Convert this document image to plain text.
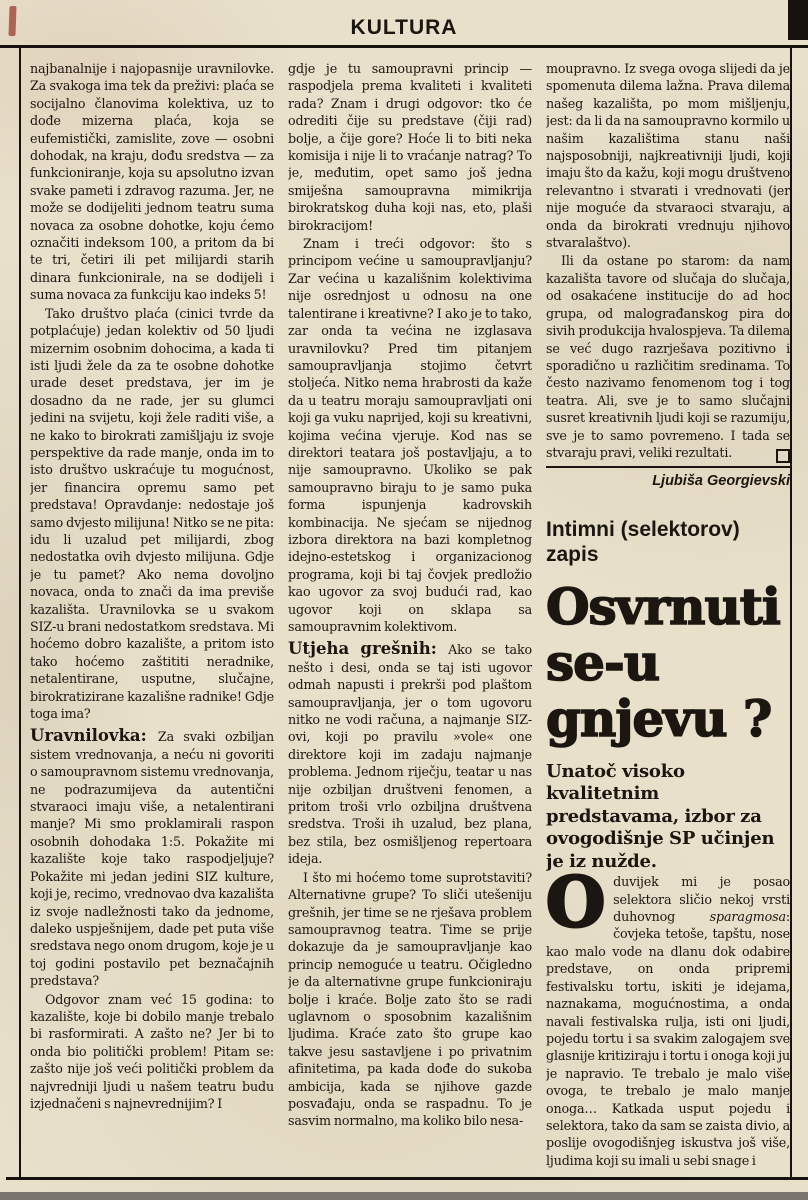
KULTURA

najbanalnije i najopasnije uravnilovke. Za svakoga ima tek da preživi: plaća se socijalno članovima kolektiva, uz to dođe mizerna plaća, koja se eufemistički, zamislite, zove — osobni dohodak, na kraju, dođu sredstva — za funkcioniranje, koja su apsolutno izvan svake pameti i zdravog razuma. Jer, ne može se dodijeliti jednom teatru suma novaca za osobne dohotke, koju ćemo označiti indeksom 100, a pritom da bi te tri, četiri ili pet milijardi starih dinara funkcionirale, na se dodijeli i suma novaca za funkciju kao indeks 5!

Tako društvo plaća (cinici tvrde da potplaćuje) jedan kolektiv od 50 ljudi mizernim osobnim dohocima, a kada ti isti ljudi žele da za te osobne dohotke urade deset predstava, jer im je dosadno da ne rade, jer su glumci jedini na svijetu, koji žele raditi više, a ne kako to birokrati zamišljaju iz svoje perspektive da rade manje, onda im to isto društvo uskraćuje tu mogućnost, jer financira opremu samo pet predstava! Opravdanje: nedostaje još samo dvjesto milijuna! Nitko se ne pita: idu li uzalud pet milijardi, zbog nedostatka ovih dvjesto milijuna. Gdje je tu pamet? Ako nema dovoljno novaca, onda to znači da ima previše kazališta. Uravnilovka se u svakom SIZ-u brani nedostatkom sredstava. Mi hoćemo dobro kazalište, a pritom isto tako hoćemo zaštititi neradnike, netalentirane, usputne, slučajne, birokratizirane kazališne radnike! Gdje toga ima?

Uravnilovka: Za svaki ozbiljan sistem vrednovanja, a neću ni govoriti o samoupravnom sistemu vrednovanja, ne podrazumijeva da autentični stvaraoci imaju više, a netalentirani manje? Mi smo proklamirali raspon osobnih dohodaka 1:5. Pokažite mi kazalište koje tako raspodjeljuje? Pokažite mi jedan jedini SIZ kulture, koji je, recimo, vrednovao dva kazališta iz svoje nadležnosti tako da jednome, daleko uspješnijem, dade pet puta više sredstava nego onom drugom, koje je u toj godini postavilo pet beznačajnih predstava?

Odgovor znam već 15 godina: to kazalište, koje bi dobilo manje trebalo bi rasformirati. A zašto ne? Jer bi to onda bio politički problem! Pitam se: zašto nije još veći politički problem da najvredniji ljudi u našem teatru budu izjednačeni s najnevrednijim? I

gdje je tu samoupravni princip — raspodjela prema kvaliteti i kvaliteti rada? Znam i drugi odgovor: tko će odrediti čije su predstave (čiji rad) bolje, a čije gore? Hoće li to biti neka komisija i nije li to vraćanje natrag? To je, međutim, opet samo još jedna smiješna samoupravna mimikrija birokratskog duha koji nas, eto, plaši birokracijom!

Znam i treći odgovor: što s principom većine u samoupravljanju? Zar većina u kazališnim kolektivima nije osrednjost u odnosu na one talentirane i kreativne? I ako je to tako, zar onda ta većina ne izglasava uravnilovku? Pred tim pitanjem samoupravljanja stojimo četvrt stoljeća. Nitko nema hrabrosti da kaže da u teatru moraju samoupravljati oni koji ga vuku naprijed, koji su kreativni, kojima većina vjeruje. Kod nas se direktori teatara još postavljaju, a to nije samoupravno. Ukoliko se pak samoupravno biraju to je samo puka forma ispunjenja kadrovskih kombinacija. Ne sjećam se nijednog izbora direktora na bazi kompletnog idejno-estetskog i organizacionog programa, koji bi taj čovjek predložio kao ugovor za svoj budući rad, kao ugovor koji on sklapa sa samoupravnim kolektivom.

Utjeha grešnih: Ako se tako nešto i desi, onda se taj isti ugovor odmah napusti i prekrši pod plaštom samoupravljanja, jer o tom ugovoru nitko ne vodi računa, a najmanje SIZ-ovi, koji po pravilu »vole« one direktore koji im zadaju najmanje problema. Jednom riječju, teatar u nas nije ozbiljan društveni fenomen, a pritom troši vrlo ozbiljna društvena sredstva. Troši ih uzalud, bez plana, bez stila, bez osmišljenog repertoara ideja.

I što mi hoćemo tome suprotstaviti? Alternativne grupe? To sliči utešeniju grešnih, jer time se ne rješava problem samoupravnog teatra. Time se prije dokazuje da je samoupravljanje kao princip nemoguće u teatru. Očigledno je da alternativne grupe funkcioniraju bolje i kraće. Bolje zato što se radi uglavnom o sposobnim kazališnim ljudima. Kraće zato što grupe kao takve jesu sastavljene i po privatnim afinitetima, pa kada dođe do sukoba ambicija, kada se njihove gazde posvađaju, onda se raspadnu. To je sasvim normalno, ma koliko bilo nesa-

moupravno. Iz svega ovoga slijedi da je spomenuta dilema lažna. Prava dilema našeg kazališta, po mom mišljenju, jest: da li da na samoupravno kormilo u našim kazalištima stanu naši najsposobniji, najkreativniji ljudi, koji imaju što da kažu, koji mogu društveno relevantno i stvarati i vrednovati (jer nije moguće da stvaraoci stvaraju, a onda da birokrati vrednuju njihovo stvaralaštvo).

Ili da ostane po starom: da nam kazališta tavore od slučaja do slučaja, od osakaćene institucije do ad hoc grupa, od malograđanskog pira do sivih produkcija hvalospjeva. Ta dilema se već dugo razrješava pozitivno i sporadično u različitim sredinama. To često nazivamo fenomenom tog i tog teatra. Ali, sve je to samo slučajni susret kreativnih ljudi koji se razumiju, sve je to samo povremeno. I tada se stvaraju pravi, veliki rezultati.

Ljubiša Georgievski
Intimni (selektorov) zapis
Osvrnuti
se-u
gnjevu ?
Unatoč visoko kvalitetnim predstavama, izbor za ovogodišnje SP učinjen je iz nužde.

Oduvijek mi je posao selektora sličio nekoj vrsti duhovnog sparagmosa: čovjeka tetoše, tapštu, nose kao malo vode na dlanu dok odabire predstave, on onda pripremi festivalsku tortu, iskiti je idejama, naznakama, mogućnostima, a onda navali festivalska rulja, isti oni ljudi, pojedu tortu i sa svakim zalogajem sve glasnije kritiziraju i tortu i onoga koji ju je napravio. Te trebalo je malo više ovoga, te trebalo je malo manje onoga… Katkada usput pojedu i selektora, tako da sam se zaista divio, a poslije ovogodišnjeg iskustva još više, ljudima koji su imali u sebi snage i
